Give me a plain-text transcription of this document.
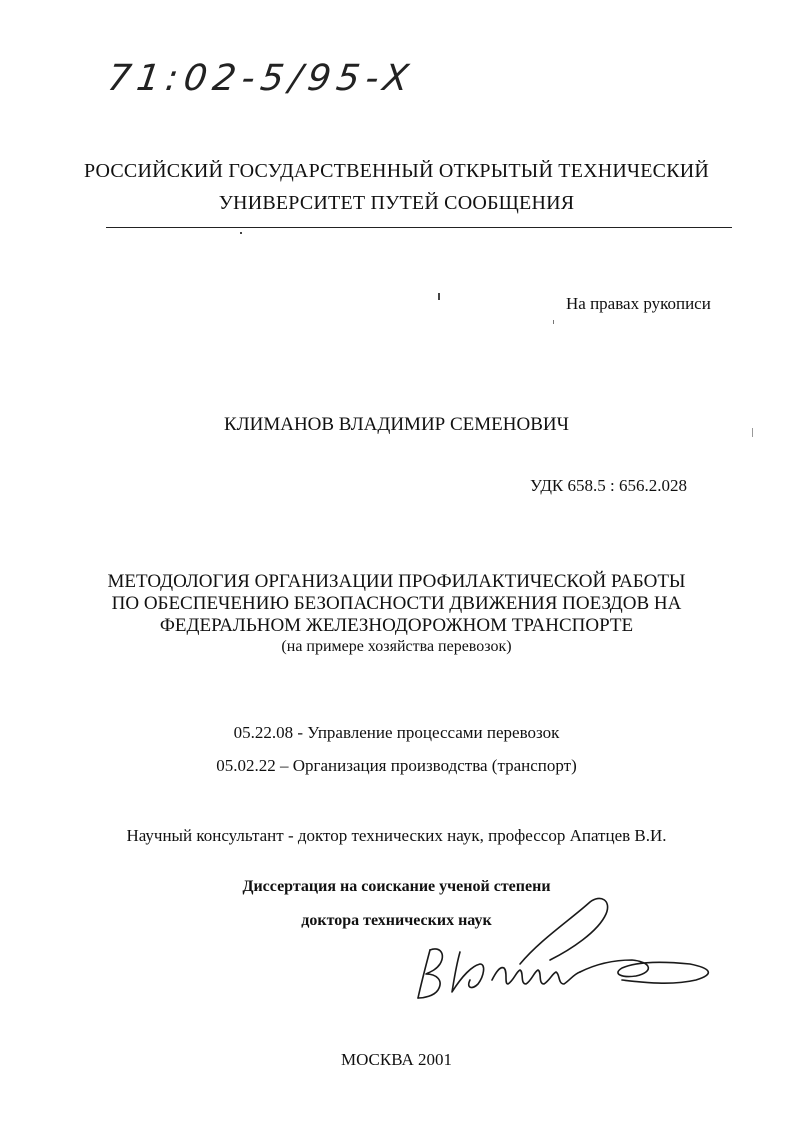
71:02-5/95-X
РОССИЙСКИЙ ГОСУДАРСТВЕННЫЙ ОТКРЫТЫЙ ТЕХНИЧЕСКИЙ
УНИВЕРСИТЕТ ПУТЕЙ СООБЩЕНИЯ
На правах рукописи
КЛИМАНОВ ВЛАДИМИР СЕМЕНОВИЧ
УДК 658.5 : 656.2.028
МЕТОДОЛОГИЯ ОРГАНИЗАЦИИ ПРОФИЛАКТИЧЕСКОЙ РАБОТЫ
ПО ОБЕСПЕЧЕНИЮ БЕЗОПАСНОСТИ ДВИЖЕНИЯ ПОЕЗДОВ НА
ФЕДЕРАЛЬНОМ ЖЕЛЕЗНОДОРОЖНОМ ТРАНСПОРТЕ
(на примере хозяйства перевозок)
05.22.08 - Управление процессами перевозок
05.02.22 – Организация производства (транспорт)
Научный консультант - доктор технических наук, профессор Апатцев В.И.
Диссертация на соискание ученой степени
доктора технических наук
МОСКВА 2001
